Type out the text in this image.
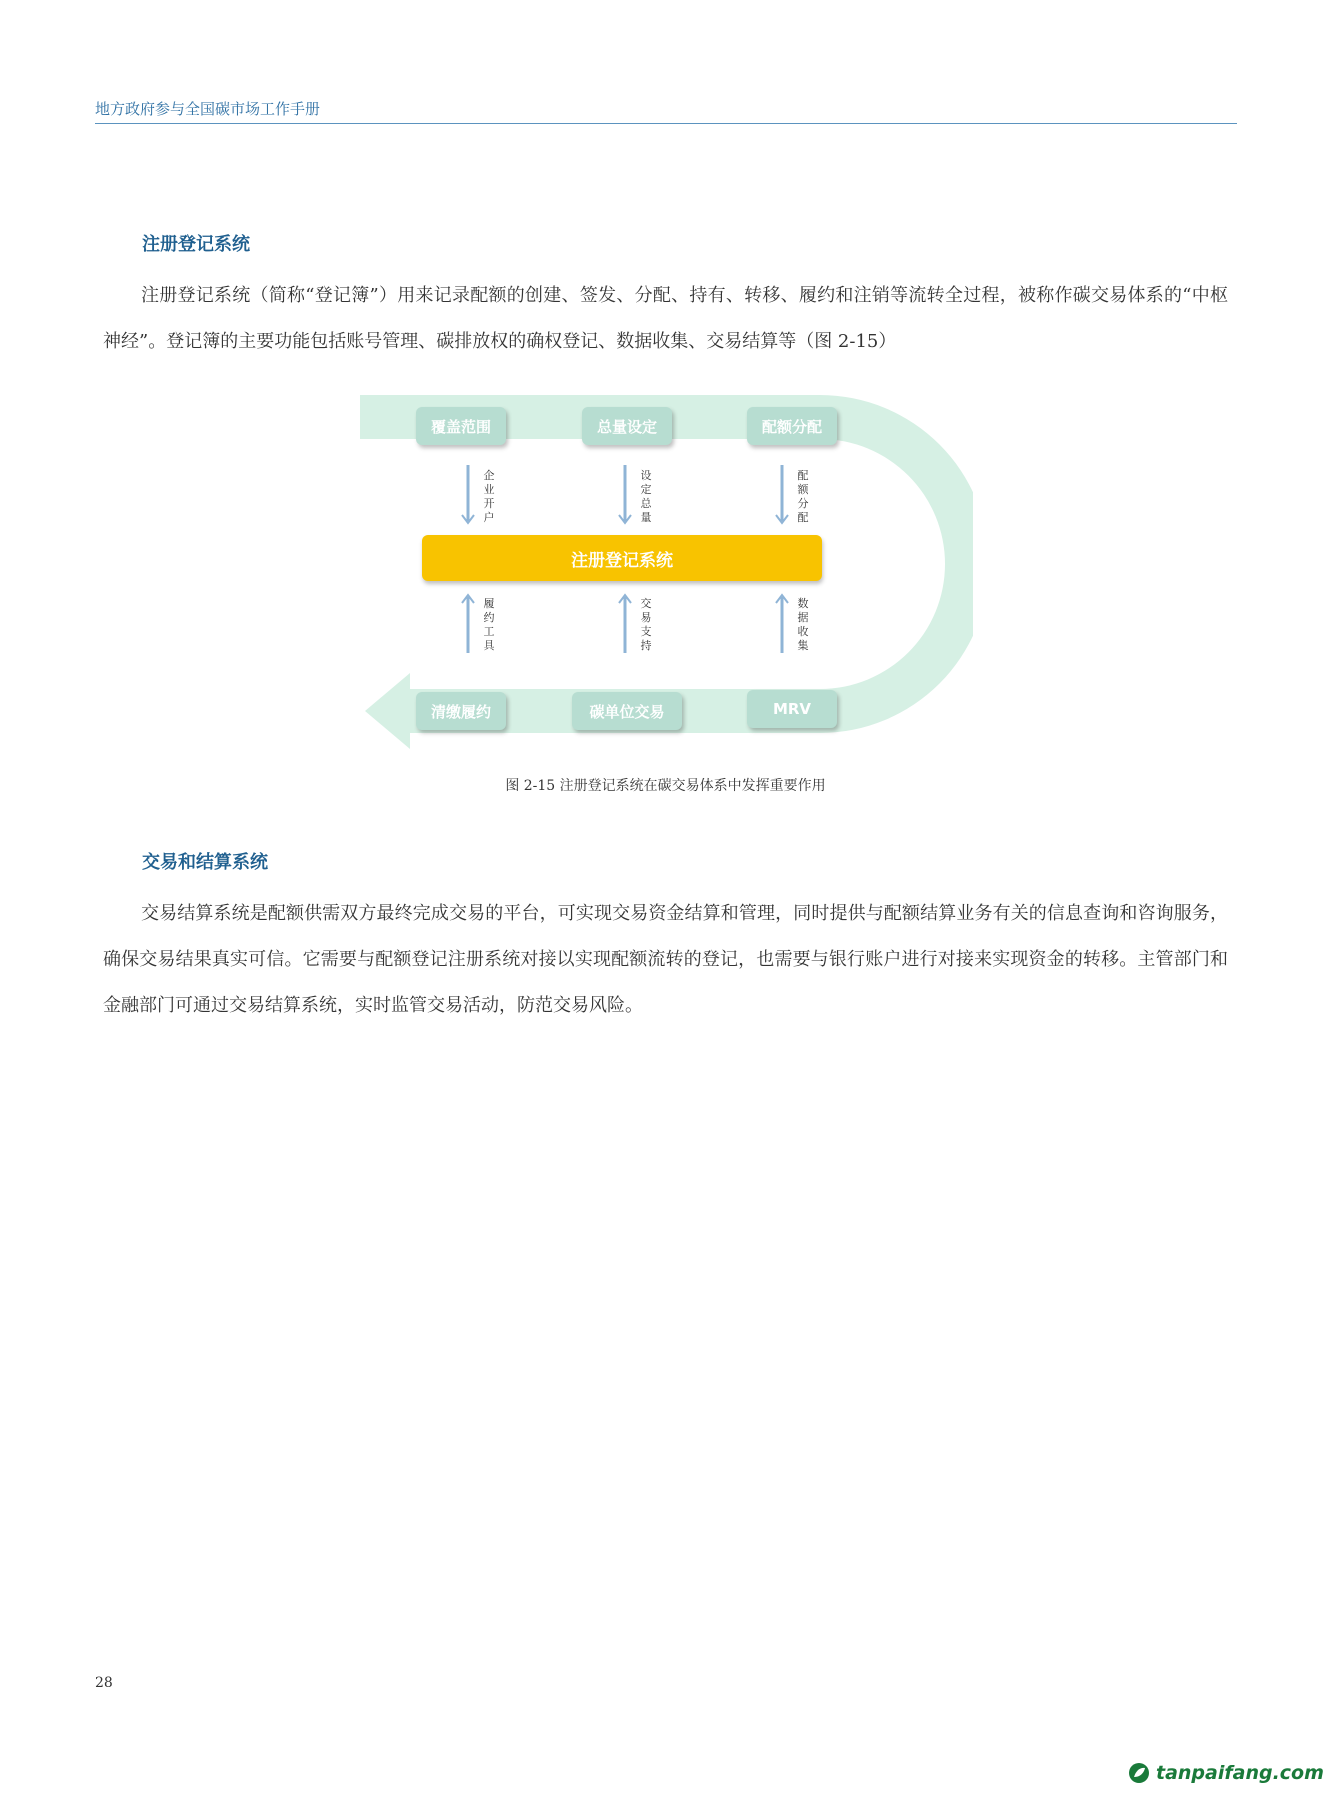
地方政府参与全国碳市场工作手册
注册登记系统

注册登记系统（简称“登记簿”）用来记录配额的创建、签发、分配、持有、转移、履约和注销等流转全过程，被称作碳交易体系的“中枢神经”。登记簿的主要功能包括账号管理、碳排放权的确权登记、数据收集、交易结算等（图 2-15）

覆盖范围	总量设定	配额分配
企业开户
设定总量
配额分配
注册登记系统
履约工具
交易支持
数据收集
清缴履约	碳单位交易	MRV
图 2-15 注册登记系统在碳交易体系中发挥重要作用
交易和结算系统

交易结算系统是配额供需双方最终完成交易的平台，可实现交易资金结算和管理，同时提供与配额结算业务有关的信息查询和咨询服务，确保交易结果真实可信。它需要与配额登记注册系统对接以实现配额流转的登记，也需要与银行账户进行对接来实现资金的转移。主管部门和金融部门可通过交易结算系统，实时监管交易活动，防范交易风险。

28
tanpaifang.com
